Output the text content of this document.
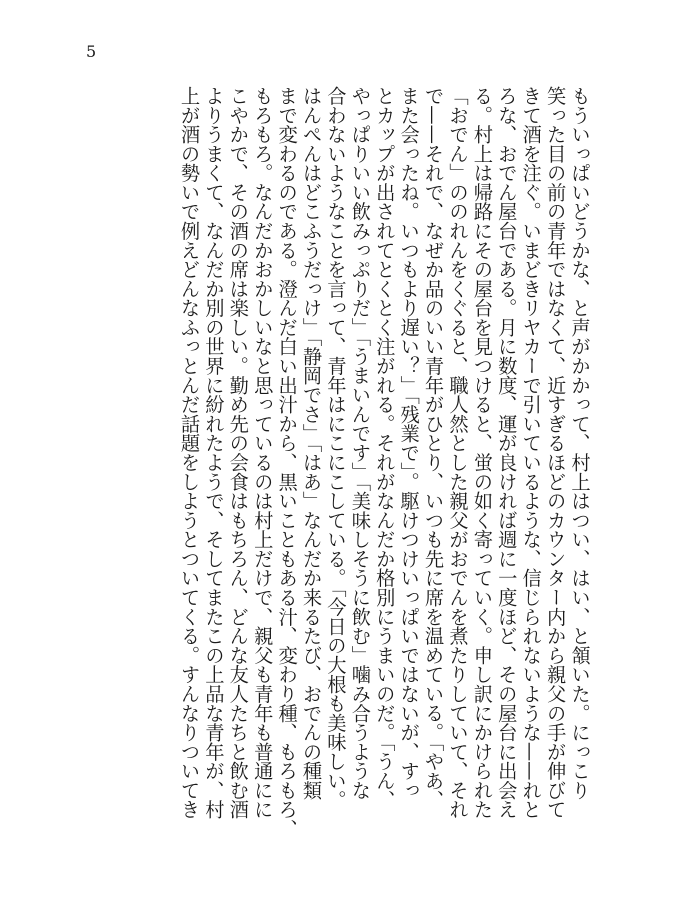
5
もういっぱいどうかな、と声がかかって、村上はつい、はい、と頷いた。にっこり
笑った目の前の青年ではなくて、近すぎるほどのカウンター内から親父の手が伸びて
きて酒を注ぐ。いまどきリヤカーで引いているような、信じられないような——れと
ろな、おでん屋台である。月に数度、運が良ければ週に一度ほど、その屋台に出会え
る。村上は帰路にその屋台を見つけると、蛍の如く寄っていく。申し訳にかけられた
「おでん」ののれんをくぐると、職人然とした親父がおでんを煮たりしていて、それ
で——それで、なぜか品のいい青年がひとり、いつも先に席を温めている。「やあ、
また会ったね。いつもより遅い？」「残業で」。駆けつけいっぱいではないが、すっ
とカップが出されてとくとく注がれる。それがなんだか格別にうまいのだ。「うん、
やっぱりいい飲みっぷりだ」「うまいんです」「美味しそうに飲む」噛み合うような
合わないようなことを言って、青年はにこにこしている。「今日の大根も美味しい。
はんぺんはどこふうだっけ」「静岡でさ」「はあ」なんだか来るたび、おでんの種類
まで変わるのである。澄んだ白い出汁から、黒いこともある汁、変わり種、もろもろ、
もろもろ。なんだかおかしいなと思っているのは村上だけで、親父も青年も普通にに
こやかで、その酒の席は楽しい。勤め先の会食はもちろん、どんな友人たちと飲む酒
よりうまくて、なんだか別の世界に紛れたようで、そしてまたこの上品な青年が、村
上が酒の勢いで例えどんなふっとんだ話題をしようとついてくる。すんなりついてき
